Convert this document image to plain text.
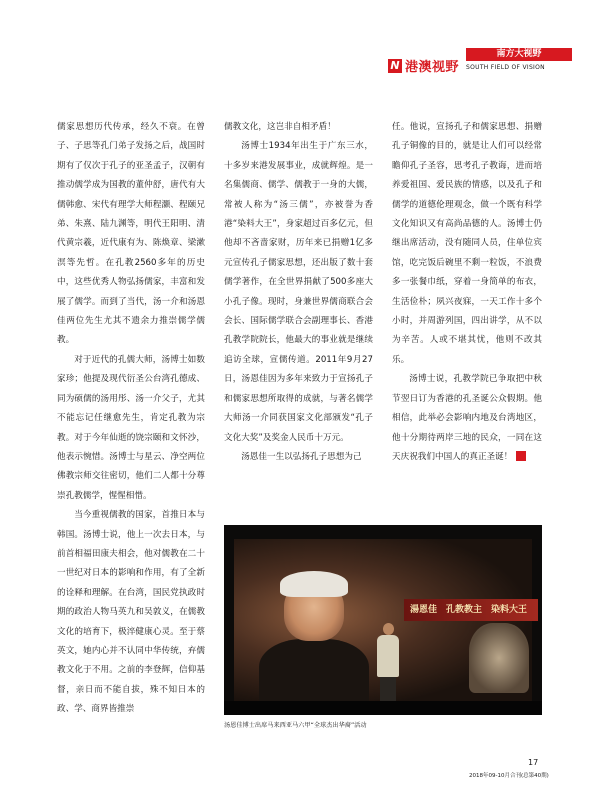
N 港澳视野
南方大视野
SOUTH FIELD OF VISION

儒家思想历代传承，经久不衰。在曾子、子思等孔门弟子发扬之后，战国时期有了仅次于孔子的亚圣孟子，汉朝有推动儒学成为国教的董仲舒，唐代有大儒韩愈、宋代有理学大师程灏、程颐兄弟、朱熹、陆九渊等，明代王阳明、清代黄宗羲，近代康有为、陈焕章、梁漱溟等先哲。在孔教2560多年的历史中，这些优秀人物弘扬儒家，丰富和发展了儒学。而到了当代，汤一介和汤恩佳两位先生尤其不遗余力推崇儒学儒教。

对于近代的孔儒大师，汤博士如数家珍；他提及现代衍圣公台湾孔德成、同为硕儒的汤用彤、汤一介父子，尤其不能忘记任继愈先生，肯定孔教为宗教。对于今年仙逝的饶宗颐和文怀沙，他表示惋惜。汤博士与星云、净空两位佛教宗师交往密切，他们二人都十分尊崇孔教儒学，惺惺相惜。

当今重视儒教的国家，首推日本与韩国。汤博士说，他上一次去日本，与前首相福田康夫相会，他对儒教在二十一世纪对日本的影响和作用，有了全新的诠释和理解。在台湾，国民党执政时期的政治人物马英九和吴敦义，在儒教文化的培育下，极淬健康心灵。至于蔡英文，她内心并不认同中华传统，弃儒教文化于不用。之前的李登辉，信仰基督，亲日而不能自拔，殊不知日本的政、学、商界皆推崇

儒教文化，这岂非自相矛盾！

汤博士1934年出生于广东三水，十多岁来港发展事业，成就辉煌。是一名集儒商、儒学、儒教于一身的大儒，常被人称为“汤三儒”，亦被誉为香港“染料大王”，身家超过百多亿元，但他却不吝啬家财，历年来已捐赠1亿多元宣传孔子儒家思想，还出版了数十套儒学著作，在全世界捐献了500多座大小孔子像。现时，身兼世界儒商联合会会长、国际儒学联合会副理事长、香港孔教学院院长，他最大的事业就是继续追访全球，宣儒传道。2011年9月27日，汤恩佳因为多年来致力于宣扬孔子和儒家思想所取得的成就，与著名儒学大师汤一介同获国家文化部颁发“孔子文化大奖”及奖金人民币十万元。

汤恩佳一生以弘扬孔子思想为己

任。他说，宣扬孔子和儒家思想、捐赠孔子铜像的目的，就是让人们可以经常瞻仰孔子圣容，思考孔子教诲，进而培养爱祖国、爱民族的情感，以及孔子和儒学的道德伦理观念，做一个既有科学文化知识又有高尚品德的人。汤博士仍继出席活动，没有随同人员，住单位宾馆，吃完饭后碗里不剩一粒饭，不浪费多一张餐巾纸，穿着一身简单的布衣，生活俭朴；夙兴夜寐，一天工作十多个小时，并周游列国，四出讲学，从不以为辛苦。人或不堪其忧，他则不改其乐。

汤博士说，孔教学院已争取把中秋节翌日订为香港的孔圣诞公众假期。他相信，此举必会影响内地及台湾地区，他十分期待两岸三地的民众，一同在这天庆祝我们中国人的真正圣诞！	N

湯恩佳　孔教教主　染料大王
汤恩佳博士出席马来西亚马六甲“全球杰出华裔”活动
17
2018年09-10月合刊(总第40期)
